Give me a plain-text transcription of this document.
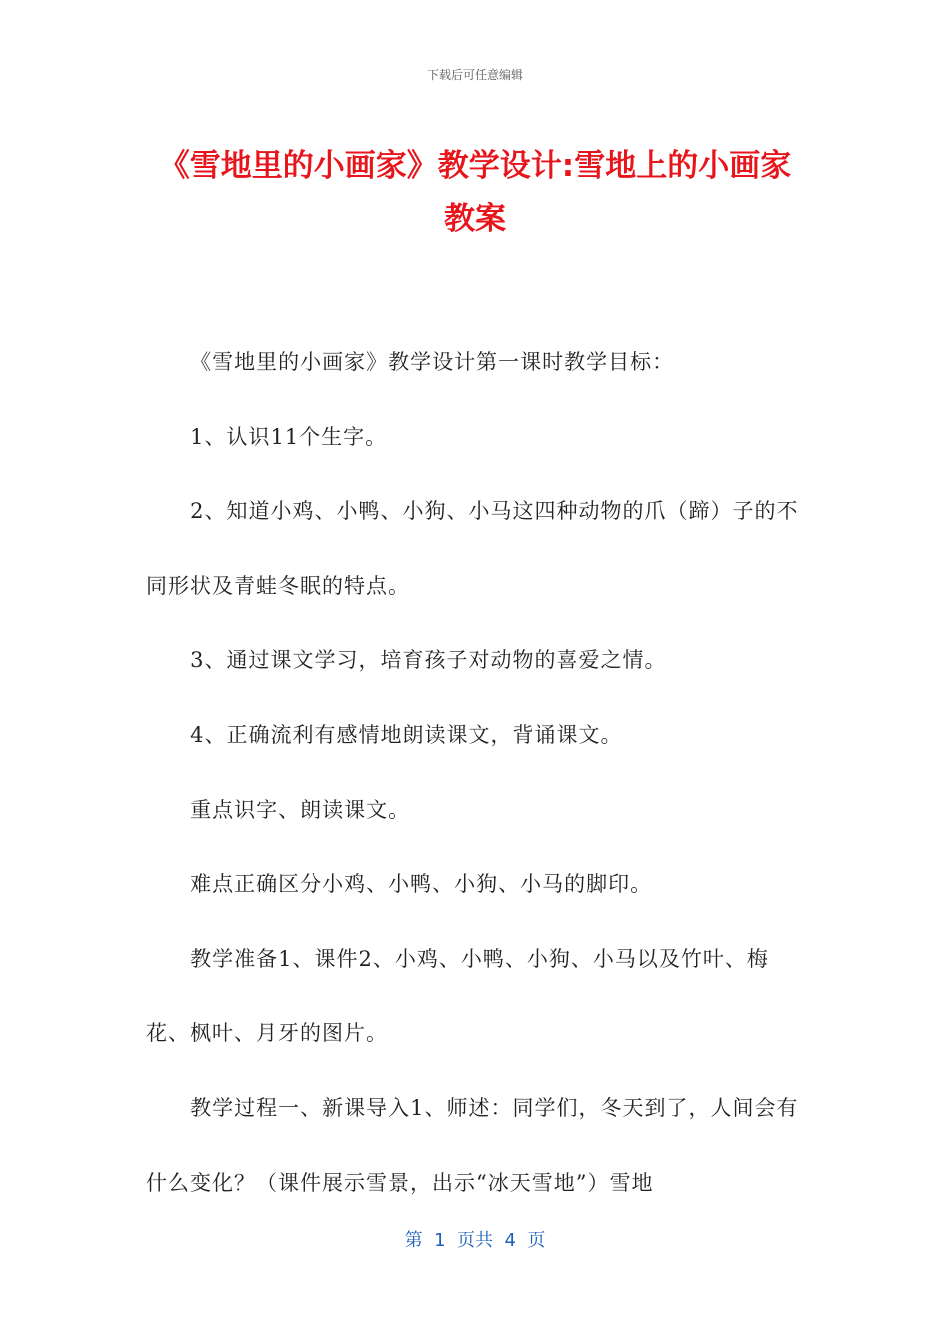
下载后可任意编辑
《雪地里的小画家》教学设计:雪地上的小画家教案

《雪地里的小画家》教学设计第一课时教学目标：

1、认识11个生字。

2、知道小鸡、小鸭、小狗、小马这四种动物的爪（蹄）子的不同形状及青蛙冬眠的特点。

3、通过课文学习，培育孩子对动物的喜爱之情。

4、正确流利有感情地朗读课文，背诵课文。

重点识字、朗读课文。

难点正确区分小鸡、小鸭、小狗、小马的脚印。

教学准备1、课件2、小鸡、小鸭、小狗、小马以及竹叶、梅花、枫叶、月牙的图片。

教学过程一、新课导入1、师述：同学们，冬天到了，人间会有什么变化？（课件展示雪景，出示“冰天雪地”）雪地

第  1  页共  4  页
